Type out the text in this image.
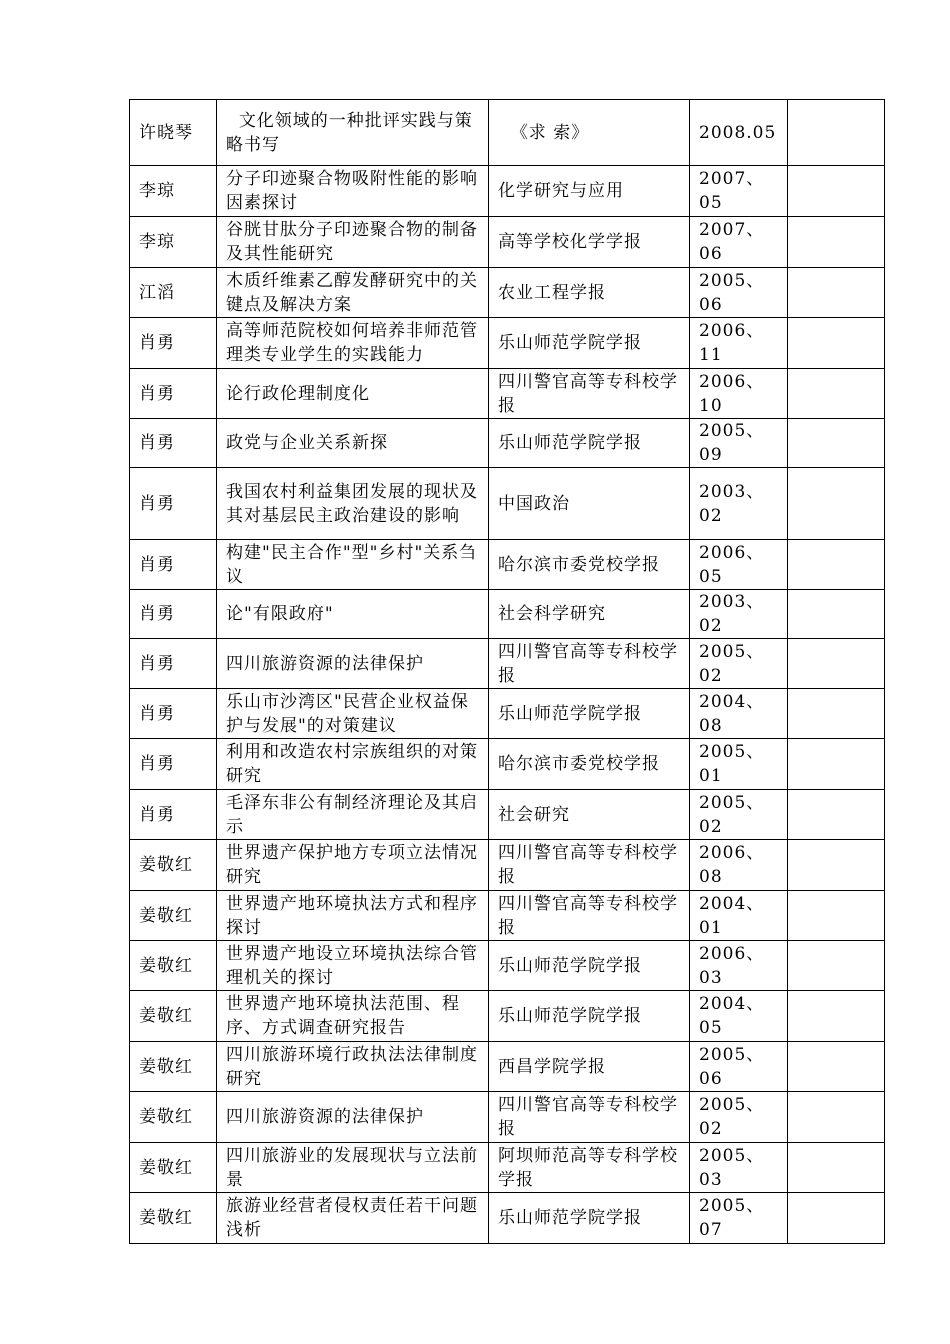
许晓琴	文化领域的一种批评实践与策略书写	《求 索》	2008.05	
李琼	分子印迹聚合物吸附性能的影响因素探讨	化学研究与应用	2007、05	
李琼	谷胱甘肽分子印迹聚合物的制备及其性能研究	高等学校化学学报	2007、06	
江滔	木质纤维素乙醇发酵研究中的关键点及解决方案	农业工程学报	2005、06	
肖勇	高等师范院校如何培养非师范管理类专业学生的实践能力	乐山师范学院学报	2006、11	
肖勇	论行政伦理制度化	四川警官高等专科校学报	2006、10	
肖勇	政党与企业关系新探	乐山师范学院学报	2005、09	
肖勇	我国农村利益集团发展的现状及其对基层民主政治建设的影响	中国政治	2003、02	
肖勇	构建"民主合作"型"乡村"关系刍议	哈尔滨市委党校学报	2006、05	
肖勇	论"有限政府"	社会科学研究	2003、02	
肖勇	四川旅游资源的法律保护	四川警官高等专科校学报	2005、02	
肖勇	乐山市沙湾区"民营企业权益保护与发展"的对策建议	乐山师范学院学报	2004、08	
肖勇	利用和改造农村宗族组织的对策研究	哈尔滨市委党校学报	2005、01	
肖勇	毛泽东非公有制经济理论及其启示	社会研究	2005、02	
姜敬红	世界遗产保护地方专项立法情况研究	四川警官高等专科校学报	2006、08	
姜敬红	世界遗产地环境执法方式和程序探讨	四川警官高等专科校学报	2004、01	
姜敬红	世界遗产地设立环境执法综合管理机关的探讨	乐山师范学院学报	2006、03	
姜敬红	世界遗产地环境执法范围、程序、方式调查研究报告	乐山师范学院学报	2004、05	
姜敬红	四川旅游环境行政执法法律制度研究	西昌学院学报	2005、06	
姜敬红	四川旅游资源的法律保护	四川警官高等专科校学报	2005、02	
姜敬红	四川旅游业的发展现状与立法前景	阿坝师范高等专科学校学报	2005、03	
姜敬红	旅游业经营者侵权责任若干问题浅析	乐山师范学院学报	2005、07	
